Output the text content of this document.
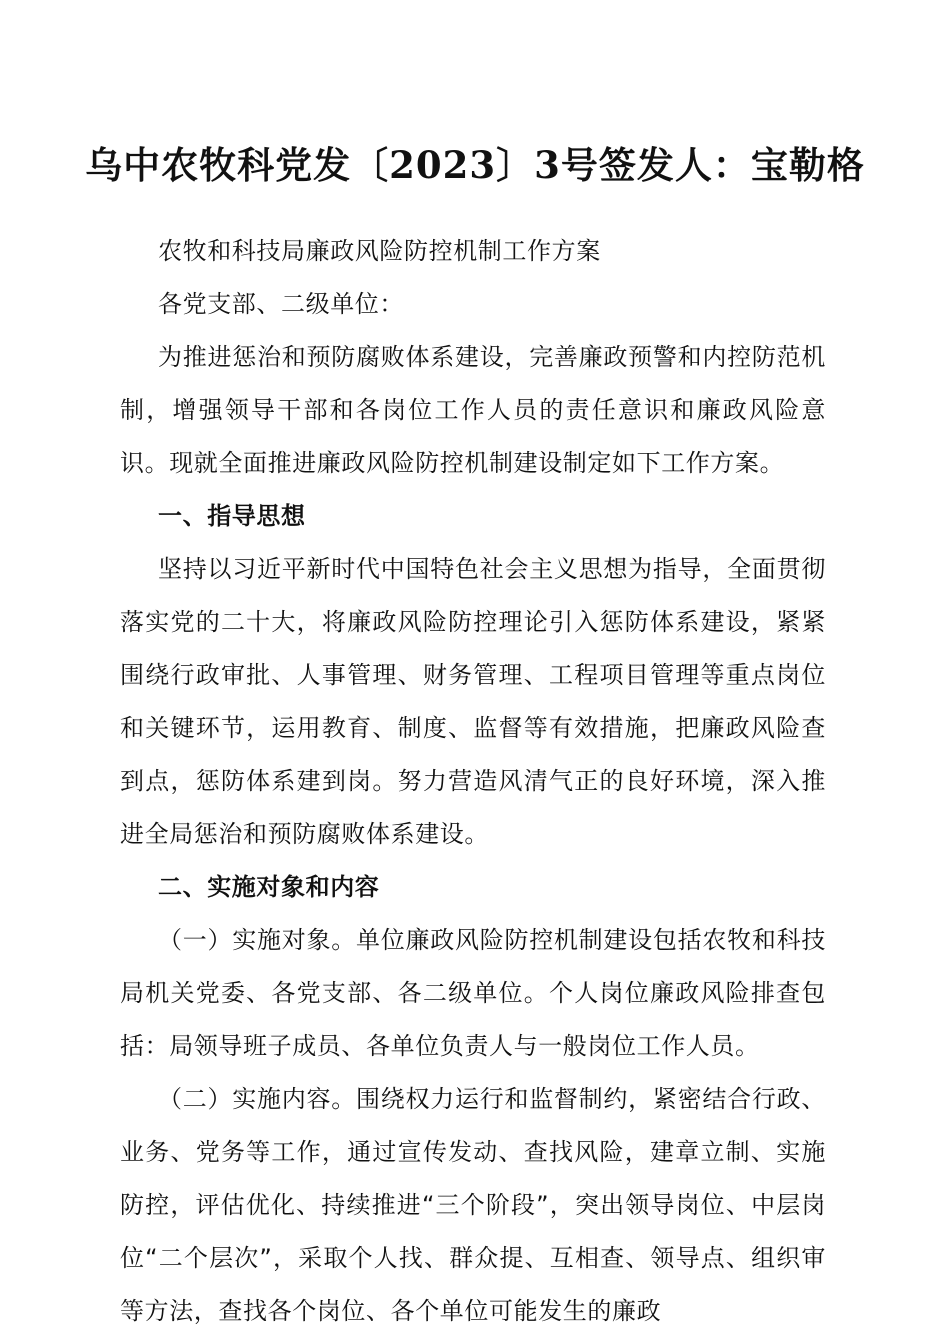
乌中农牧科党发〔2023〕3号签发人：宝勒格

农牧和科技局廉政风险防控机制工作方案

各党支部、二级单位：

为推进惩治和预防腐败体系建设，完善廉政预警和内控防范机制，增强领导干部和各岗位工作人员的责任意识和廉政风险意识。现就全面推进廉政风险防控机制建设制定如下工作方案。

一、指导思想

坚持以习近平新时代中国特色社会主义思想为指导，全面贯彻落实党的二十大，将廉政风险防控理论引入惩防体系建设，紧紧围绕行政审批、人事管理、财务管理、工程项目管理等重点岗位和关键环节，运用教育、制度、监督等有效措施，把廉政风险查到点，惩防体系建到岗。努力营造风清气正的良好环境，深入推进全局惩治和预防腐败体系建设。

二、实施对象和内容

（一）实施对象。单位廉政风险防控机制建设包括农牧和科技局机关党委、各党支部、各二级单位。个人岗位廉政风险排查包括：局领导班子成员、各单位负责人与一般岗位工作人员。

（二）实施内容。围绕权力运行和监督制约，紧密结合行政、业务、党务等工作，通过宣传发动、查找风险，建章立制、实施防控，评估优化、持续推进“三个阶段”，突出领导岗位、中层岗位“二个层次”，采取个人找、群众提、互相查、领导点、组织审等方法，查找各个岗位、各个单位可能发生的廉政
